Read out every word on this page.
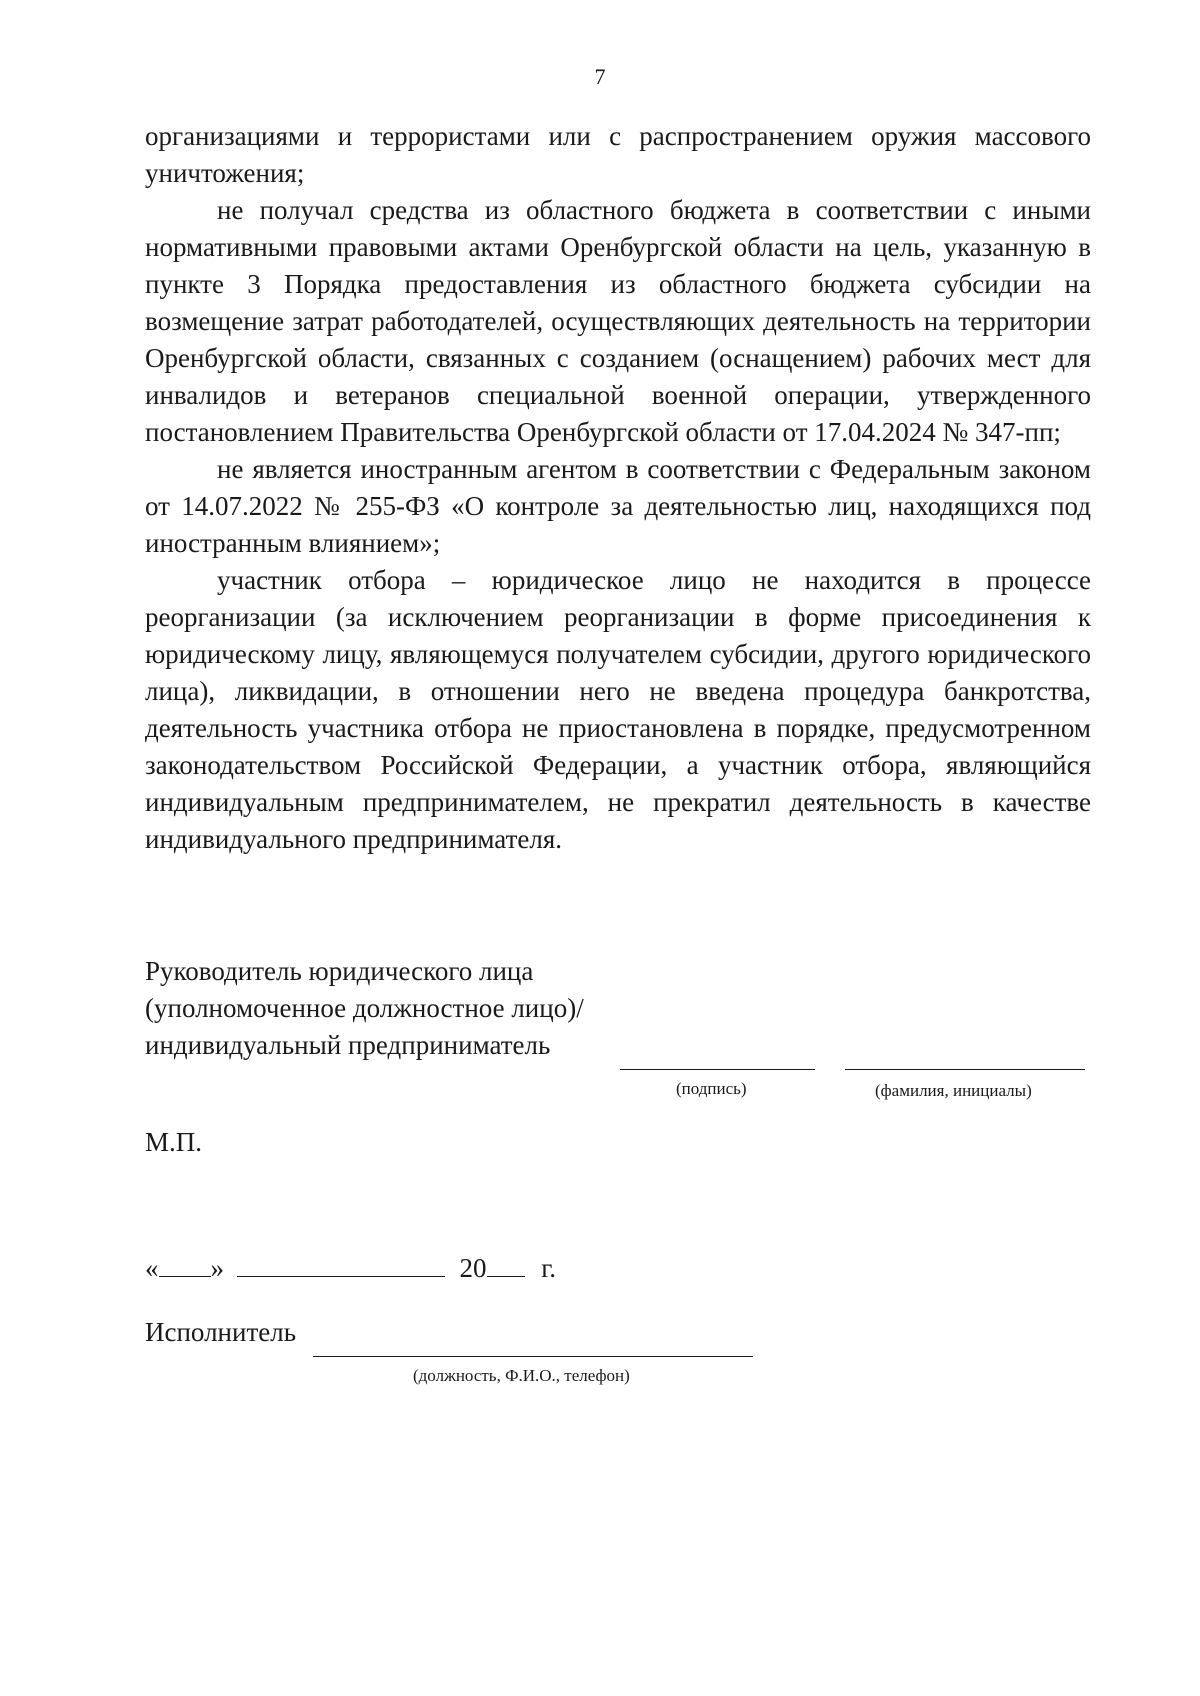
7

организациями и террористами или с распространением оружия массового уничтожения;

не получал средства из областного бюджета в соответствии с иными нормативными правовыми актами Оренбургской области на цель, указанную в пункте 3 Порядка предоставления из областного бюджета субсидии на возмещение затрат работодателей, осуществляющих деятельность на территории Оренбургской области, связанных с созданием (оснащением) рабочих мест для инвалидов и ветеранов специальной военной операции, утвержденного постановлением Правительства Оренбургской области от 17.04.2024 № 347-пп;

не является иностранным агентом в соответствии с Федеральным законом от 14.07.2022 № 255-ФЗ «О контроле за деятельностью лиц, находящихся под иностранным влиянием»;

участник отбора – юридическое лицо не находится в процессе реорганизации (за исключением реорганизации в форме присоединения к юридическому лицу, являющемуся получателем субсидии, другого юридического лица), ликвидации, в отношении него не введена процедура банкротства, деятельность участника отбора не приостановлена в порядке, предусмотренном законодательством Российской Федерации, а участник отбора, являющийся индивидуальным предпринимателем, не прекратил деятельность в качестве индивидуального предпринимателя.

Руководитель юридического лица
(уполномоченное должностное лицо)/
индивидуальный предприниматель
(подпись)	(фамилия, инициалы)
М.П.
« »	20 г.
Исполнитель
(должность, Ф.И.О., телефон)
